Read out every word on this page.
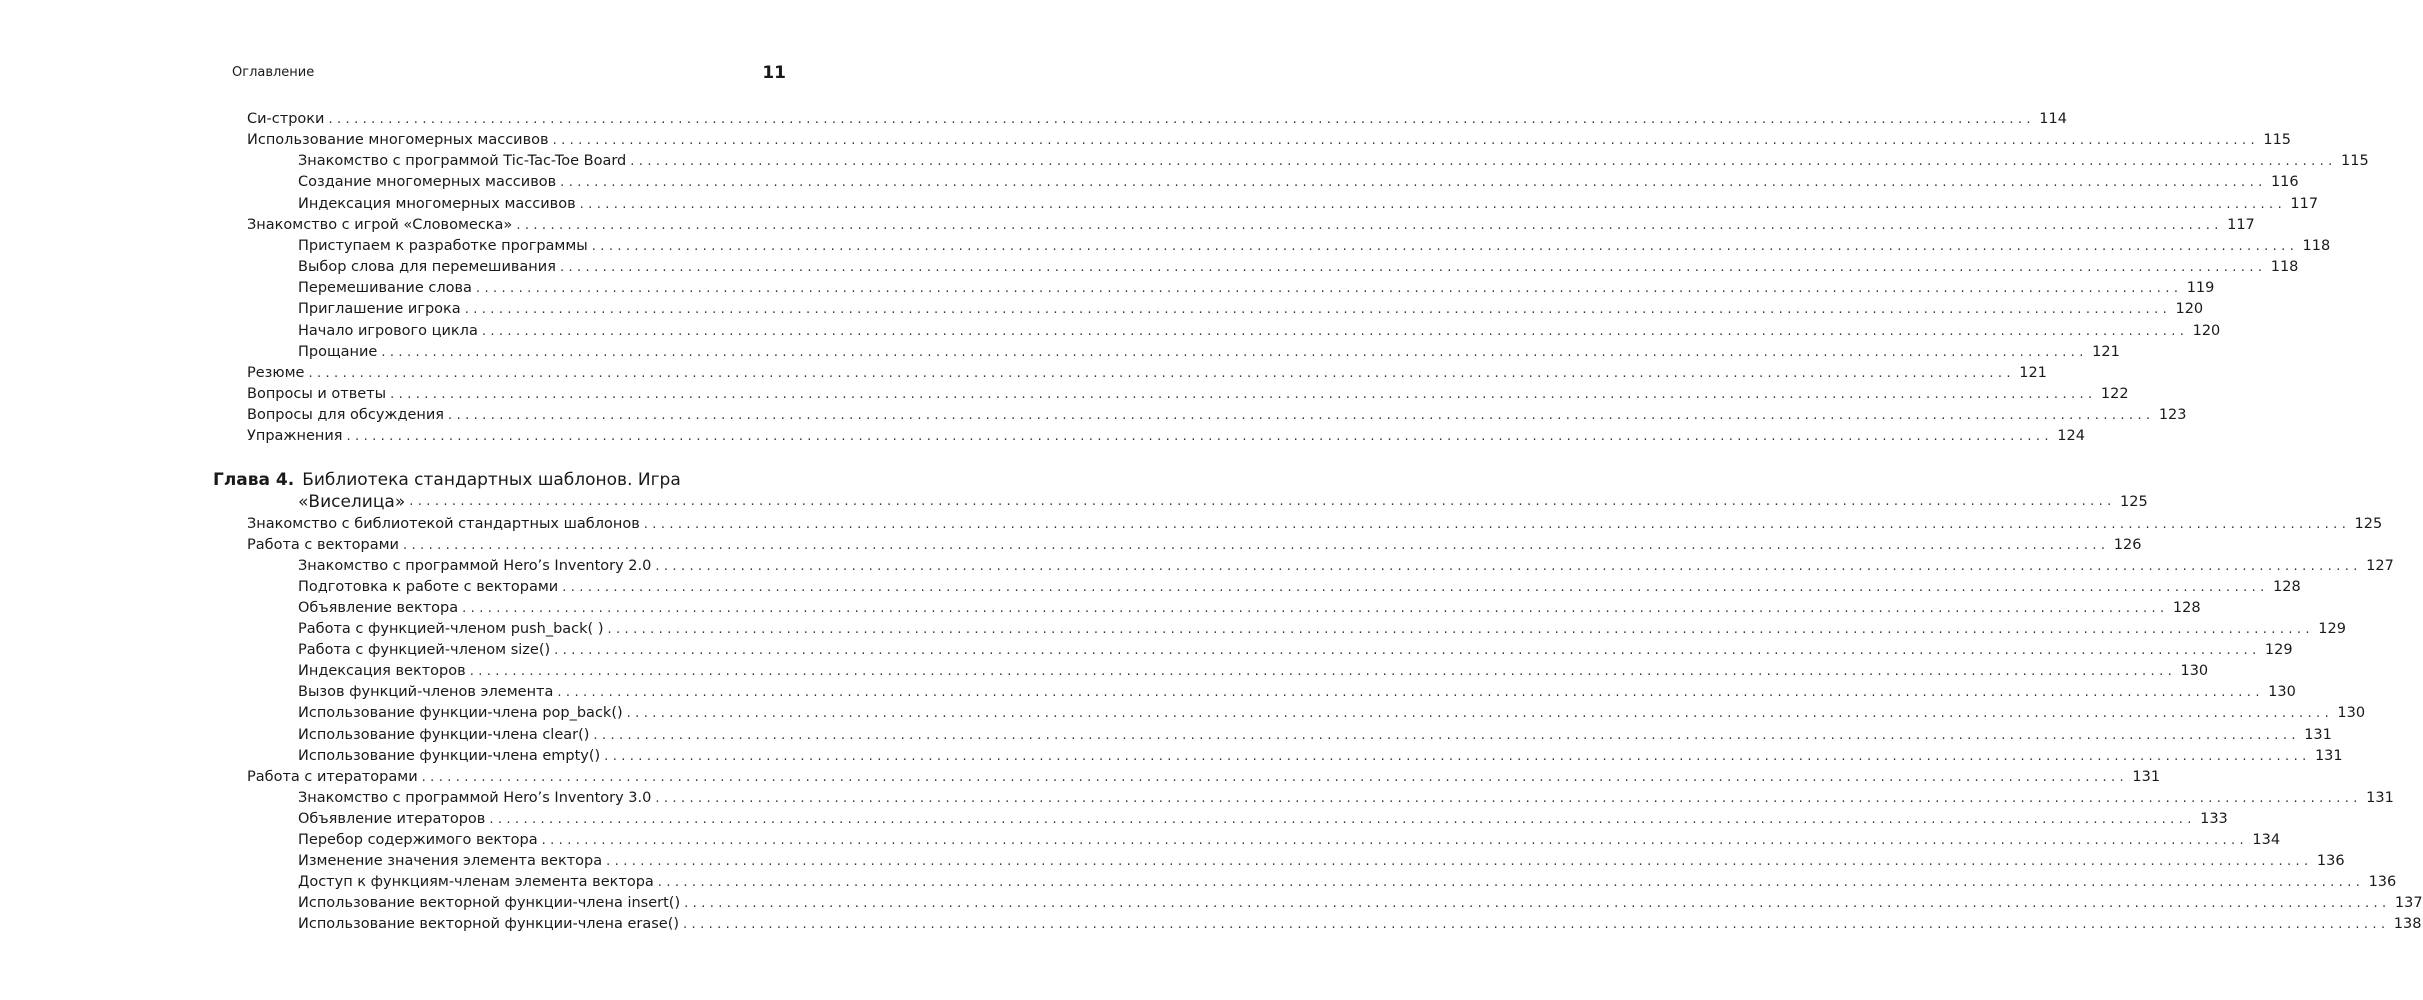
Оглавление	11
Си-строки ........................................................................................................................................................................................................ 114
Использование многомерных массивов ........................................................................................................................................................................................................ 115
Знакомство с программой Tic-Tac-Toe Board ........................................................................................................................................................................................................ 115
Создание многомерных массивов ........................................................................................................................................................................................................ 116
Индексация многомерных массивов ........................................................................................................................................................................................................ 117
Знакомство с игрой «Словомеска» ........................................................................................................................................................................................................ 117
Приступаем к разработке программы ........................................................................................................................................................................................................ 118
Выбор слова для перемешивания ........................................................................................................................................................................................................ 118
Перемешивание слова ........................................................................................................................................................................................................ 119
Приглашение игрока ........................................................................................................................................................................................................ 120
Начало игрового цикла ........................................................................................................................................................................................................ 120
Прощание ........................................................................................................................................................................................................ 121
Резюме ........................................................................................................................................................................................................ 121
Вопросы и ответы ........................................................................................................................................................................................................ 122
Вопросы для обсуждения ........................................................................................................................................................................................................ 123
Упражнения ........................................................................................................................................................................................................ 124
Глава 4. Библиотека стандартных шаблонов. Игра
«Виселица» ........................................................................................................................................................................................................ 125
Знакомство с библиотекой стандартных шаблонов ........................................................................................................................................................................................................ 125
Работа с векторами ........................................................................................................................................................................................................ 126
Знакомство с программой Hero’s Inventory 2.0 ........................................................................................................................................................................................................ 127
Подготовка к работе с векторами ........................................................................................................................................................................................................ 128
Объявление вектора ........................................................................................................................................................................................................ 128
Работа с функцией-членом push_back( ) ........................................................................................................................................................................................................ 129
Работа с функцией-членом size() ........................................................................................................................................................................................................ 129
Индексация векторов ........................................................................................................................................................................................................ 130
Вызов функций-членов элемента ........................................................................................................................................................................................................ 130
Использование функции-члена pop_back() ........................................................................................................................................................................................................ 130
Использование функции-члена clear() ........................................................................................................................................................................................................ 131
Использование функции-члена empty() ........................................................................................................................................................................................................ 131
Работа с итераторами ........................................................................................................................................................................................................ 131
Знакомство с программой Hero’s Inventory 3.0 ........................................................................................................................................................................................................ 131
Объявление итераторов ........................................................................................................................................................................................................ 133
Перебор содержимого вектора ........................................................................................................................................................................................................ 134
Изменение значения элемента вектора ........................................................................................................................................................................................................ 136
Доступ к функциям-членам элемента вектора ........................................................................................................................................................................................................ 136
Использование векторной функции-члена insert() ........................................................................................................................................................................................................ 137
Использование векторной функции-члена erase() ........................................................................................................................................................................................................ 138
